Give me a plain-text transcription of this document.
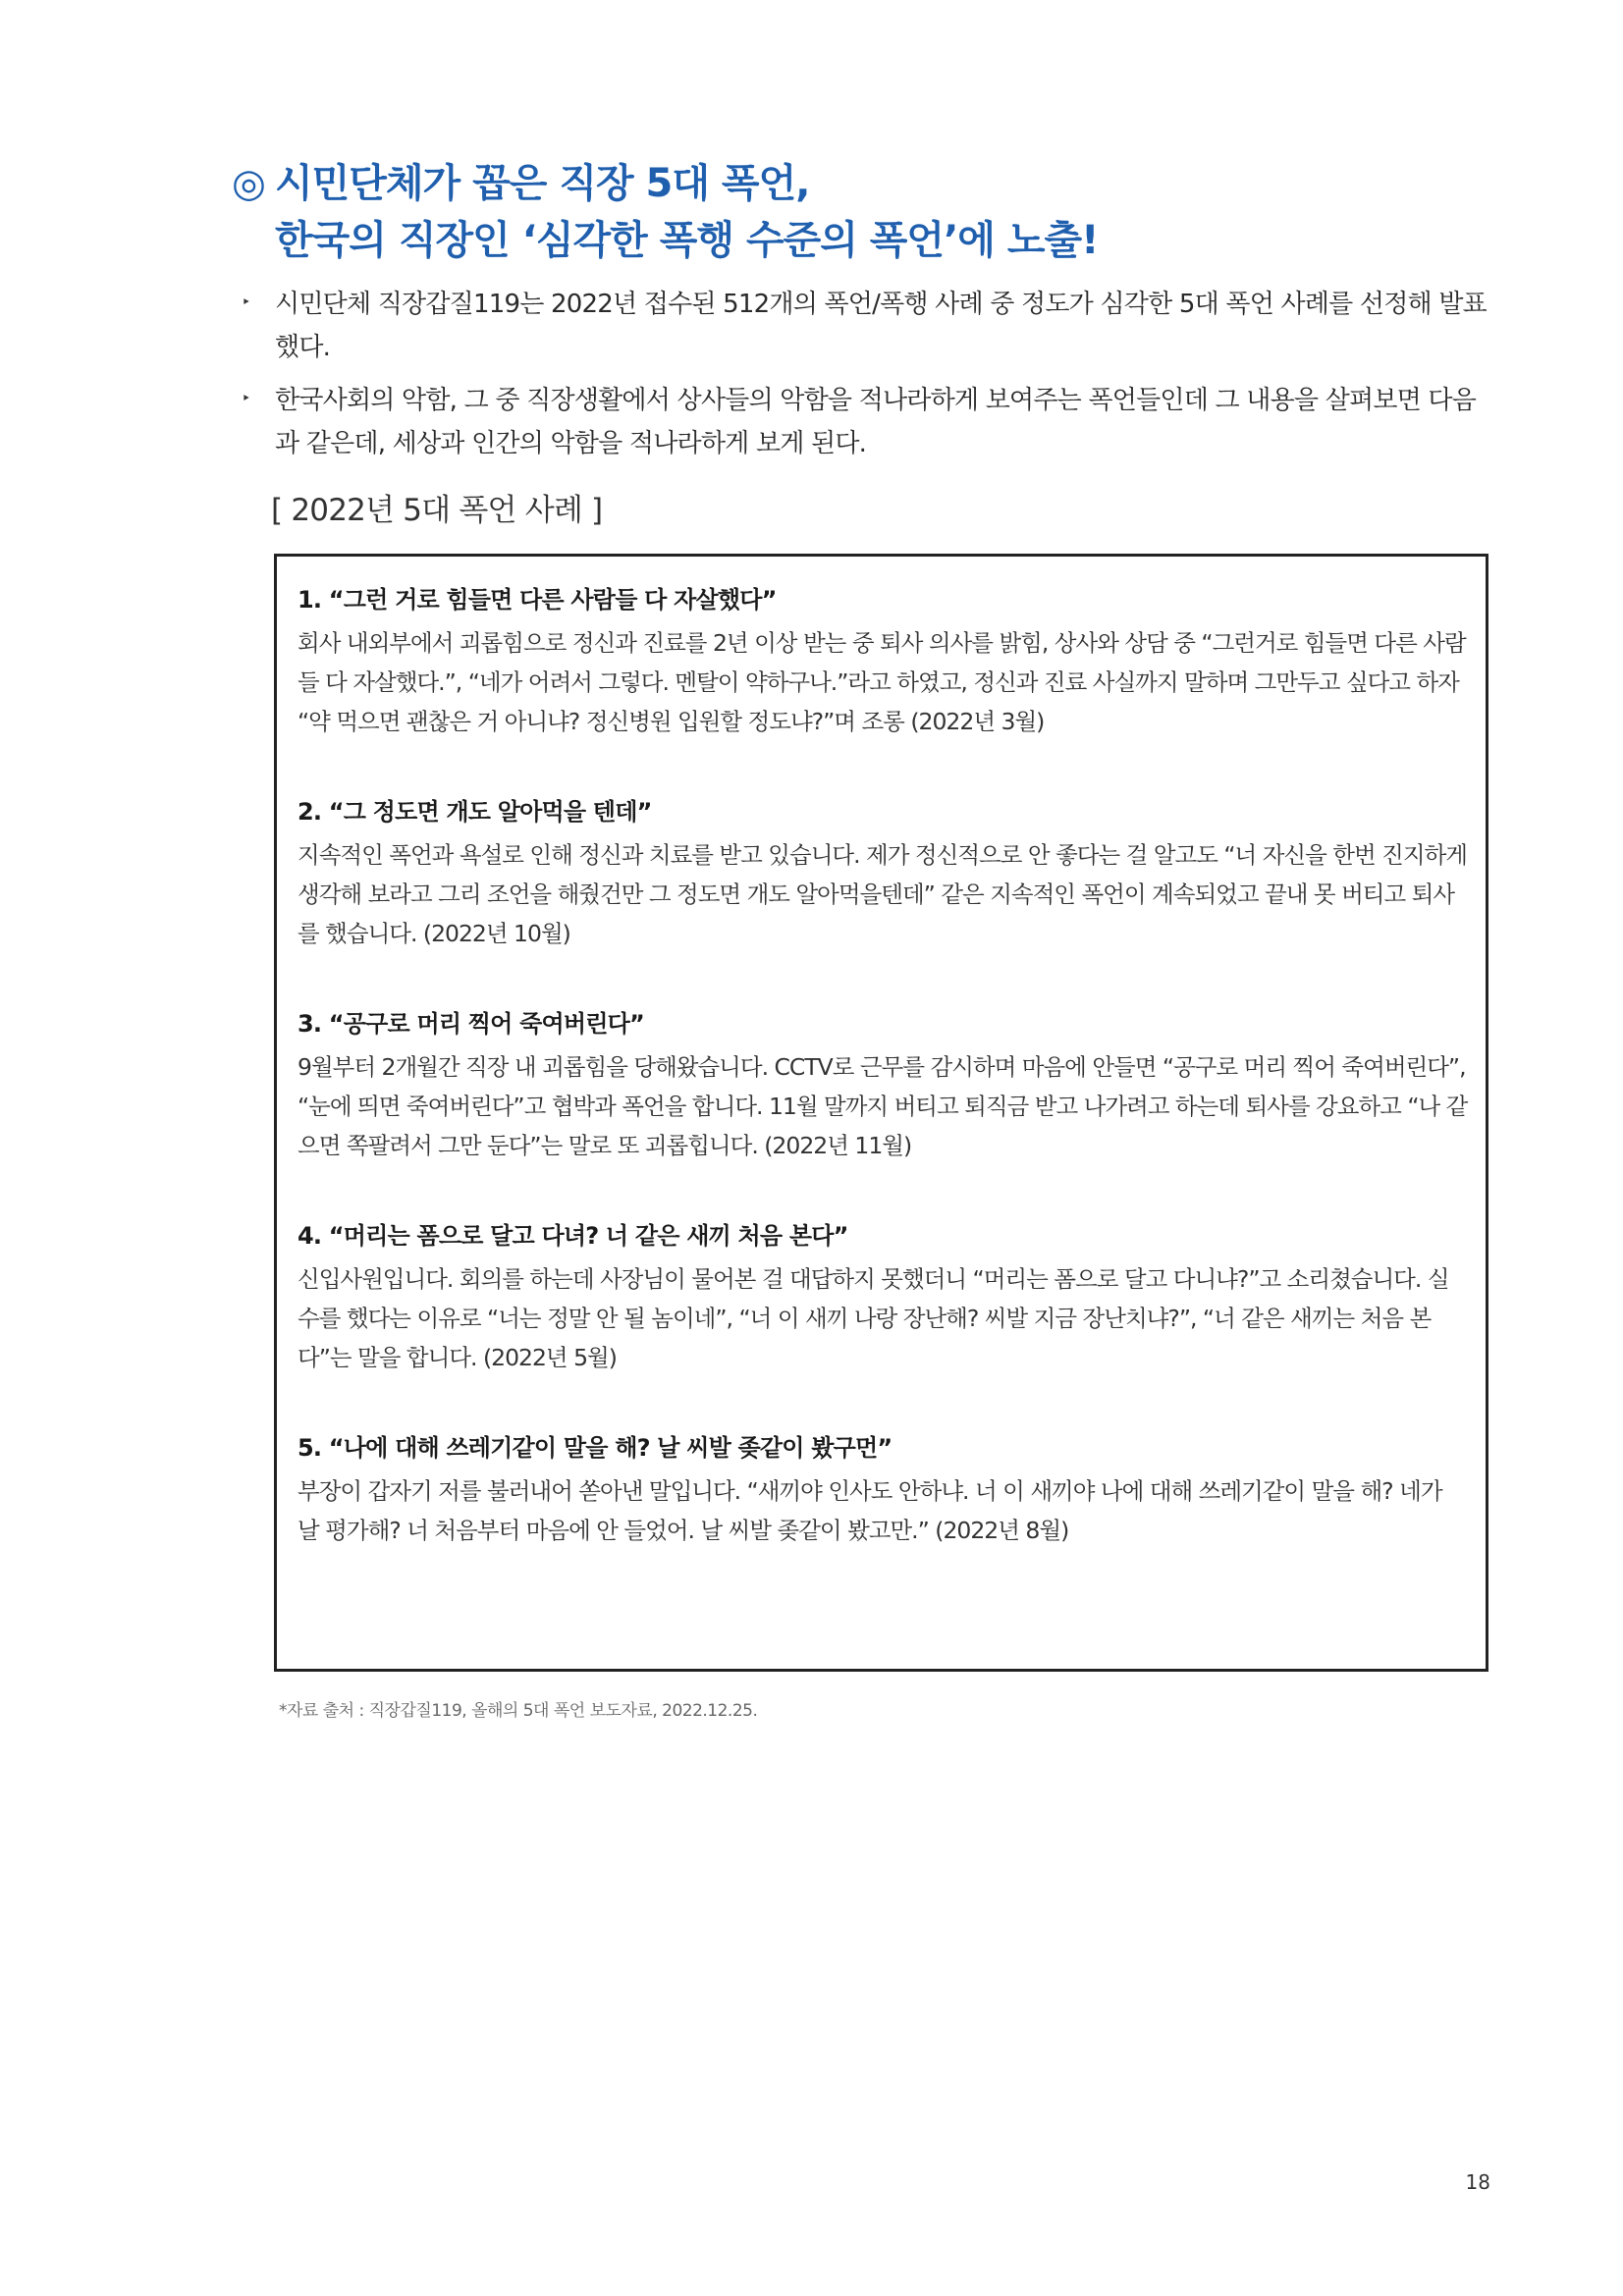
◎ 시민단체가 꼽은 직장 5대 폭언,
한국의 직장인 ‘심각한 폭행 수준의 폭언’에 노출!
‣ 시민단체 직장갑질119는 2022년 접수된 512개의 폭언/폭행 사례 중 정도가 심각한 5대 폭언 사례를 선정해 발표했다.
‣ 한국사회의 악함, 그 중 직장생활에서 상사들의 악함을 적나라하게 보여주는 폭언들인데 그 내용을 살펴보면 다음과 같은데, 세상과 인간의 악함을 적나라하게 보게 된다.
[ 2022년 5대 폭언 사례 ]

1. “그런 거로 힘들면 다른 사람들 다 자살했다”

회사 내외부에서 괴롭힘으로 정신과 진료를 2년 이상 받는 중 퇴사 의사를 밝힘, 상사와 상담 중 “그런거로 힘들면 다른 사람들 다 자살했다.”, “네가 어려서 그렇다. 멘탈이 약하구나.”라고 하였고, 정신과 진료 사실까지 말하며 그만두고 싶다고 하자 “약 먹으면 괜찮은 거 아니냐? 정신병원 입원할 정도냐?”며 조롱 (2022년 3월)

2. “그 정도면 개도 알아먹을 텐데”

지속적인 폭언과 욕설로 인해 정신과 치료를 받고 있습니다. 제가 정신적으로 안 좋다는 걸 알고도 “너 자신을 한번 진지하게 생각해 보라고 그리 조언을 해줬건만 그 정도면 개도 알아먹을텐데” 같은 지속적인 폭언이 계속되었고 끝내 못 버티고 퇴사를 했습니다. (2022년 10월)

3. “공구로 머리 찍어 죽여버린다”

9월부터 2개월간 직장 내 괴롭힘을 당해왔습니다. CCTV로 근무를 감시하며 마음에 안들면 “공구로 머리 찍어 죽여버린다”, “눈에 띄면 죽여버린다”고 협박과 폭언을 합니다. 11월 말까지 버티고 퇴직금 받고 나가려고 하는데 퇴사를 강요하고 “나 같으면 쪽팔려서 그만 둔다”는 말로 또 괴롭힙니다. (2022년 11월)

4. “머리는 폼으로 달고 다녀? 너 같은 새끼 처음 본다”

신입사원입니다. 회의를 하는데 사장님이 물어본 걸 대답하지 못했더니 “머리는 폼으로 달고 다니냐?”고 소리쳤습니다. 실수를 했다는 이유로 “너는 정말 안 될 놈이네”, “너 이 새끼 나랑 장난해? 씨발 지금 장난치냐?”, “너 같은 새끼는 처음 본다”는 말을 합니다. (2022년 5월)

5. “나에 대해 쓰레기같이 말을 해? 날 씨발 좆같이 봤구먼”

부장이 갑자기 저를 불러내어 쏟아낸 말입니다. “새끼야 인사도 안하냐. 너 이 새끼야 나에 대해 쓰레기같이 말을 해? 네가 날 평가해? 너 처음부터 마음에 안 들었어. 날 씨발 좆같이 봤고만.” (2022년 8월)

*자료 출처 : 직장갑질119, 올해의 5대 폭언 보도자료, 2022.12.25.
18
